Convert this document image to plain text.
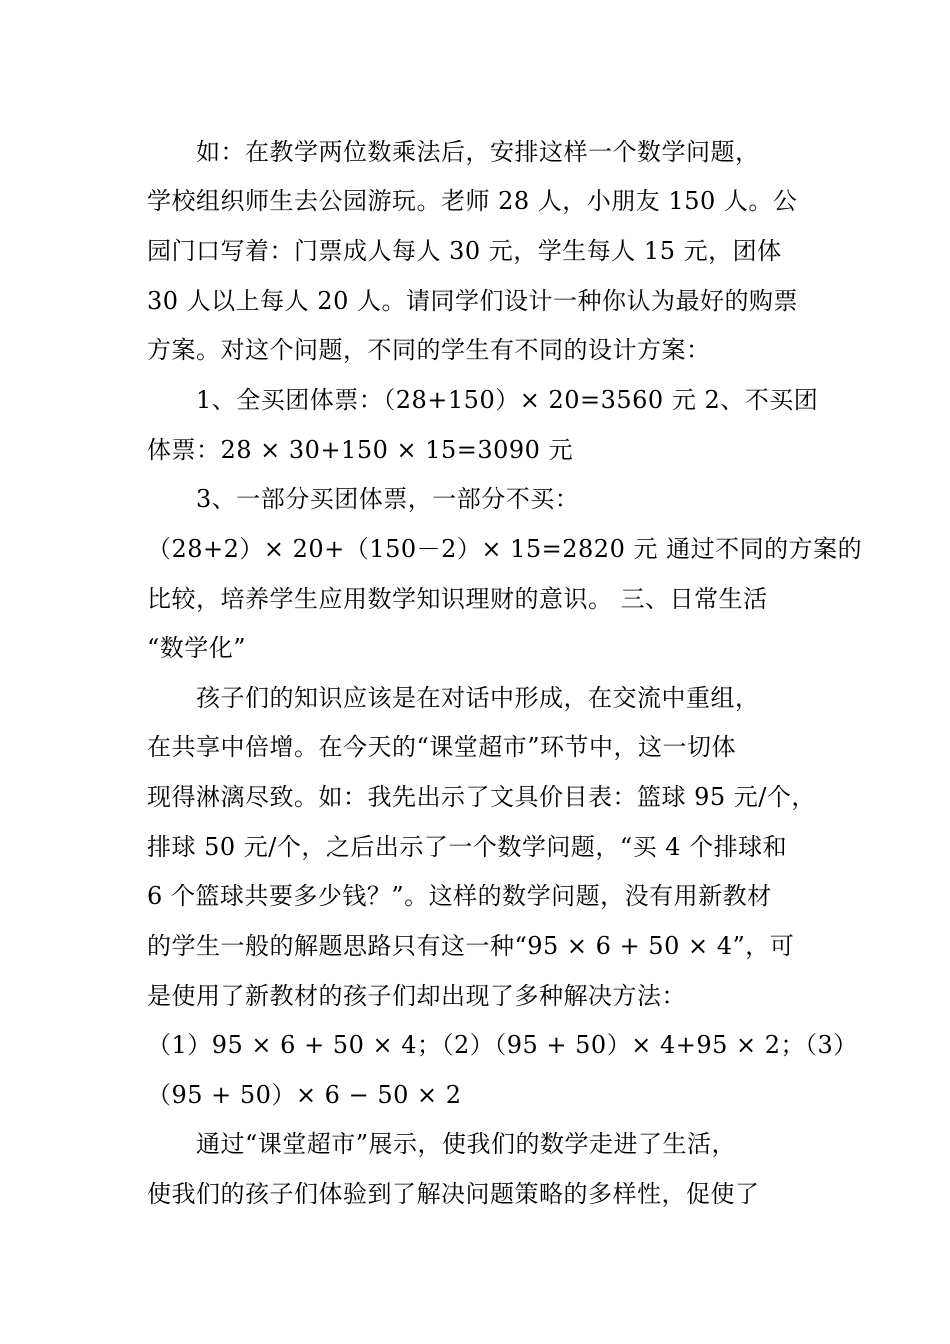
如：在教学两位数乘法后，安排这样一个数学问题，
学校组织师生去公园游玩。老师 28 人，小朋友 150 人。公
园门口写着：门票成人每人 30 元，学生每人 15 元，团体
30 人以上每人 20 人。请同学们设计一种你认为最好的购票
方案。对这个问题，不同的学生有不同的设计方案：
1、全买团体票：（28+150）× 20=3560 元 2、不买团
体票：28 × 30+150 × 15=3090 元
3、一部分买团体票，一部分不买：
（28+2）× 20+（150－2）× 15=2820 元 通过不同的方案的
比较，培养学生应用数学知识理财的意识。 三、日常生活
“数学化”
孩子们的知识应该是在对话中形成，在交流中重组，
在共享中倍增。在今天的“课堂超市”环节中，这一切体
现得淋漓尽致。如：我先出示了文具价目表：篮球 95 元/个，
排球 50 元/个，之后出示了一个数学问题，“买 4 个排球和
6 个篮球共要多少钱？”。这样的数学问题，没有用新教材
的学生一般的解题思路只有这一种“95 × 6 + 50 × 4”，可
是使用了新教材的孩子们却出现了多种解决方法：
（1）95 × 6 + 50 × 4；（2）（95 + 50）× 4+95 × 2；（3）
（95 + 50）× 6 − 50 × 2
通过“课堂超市”展示，使我们的数学走进了生活，
使我们的孩子们体验到了解决问题策略的多样性，促使了
